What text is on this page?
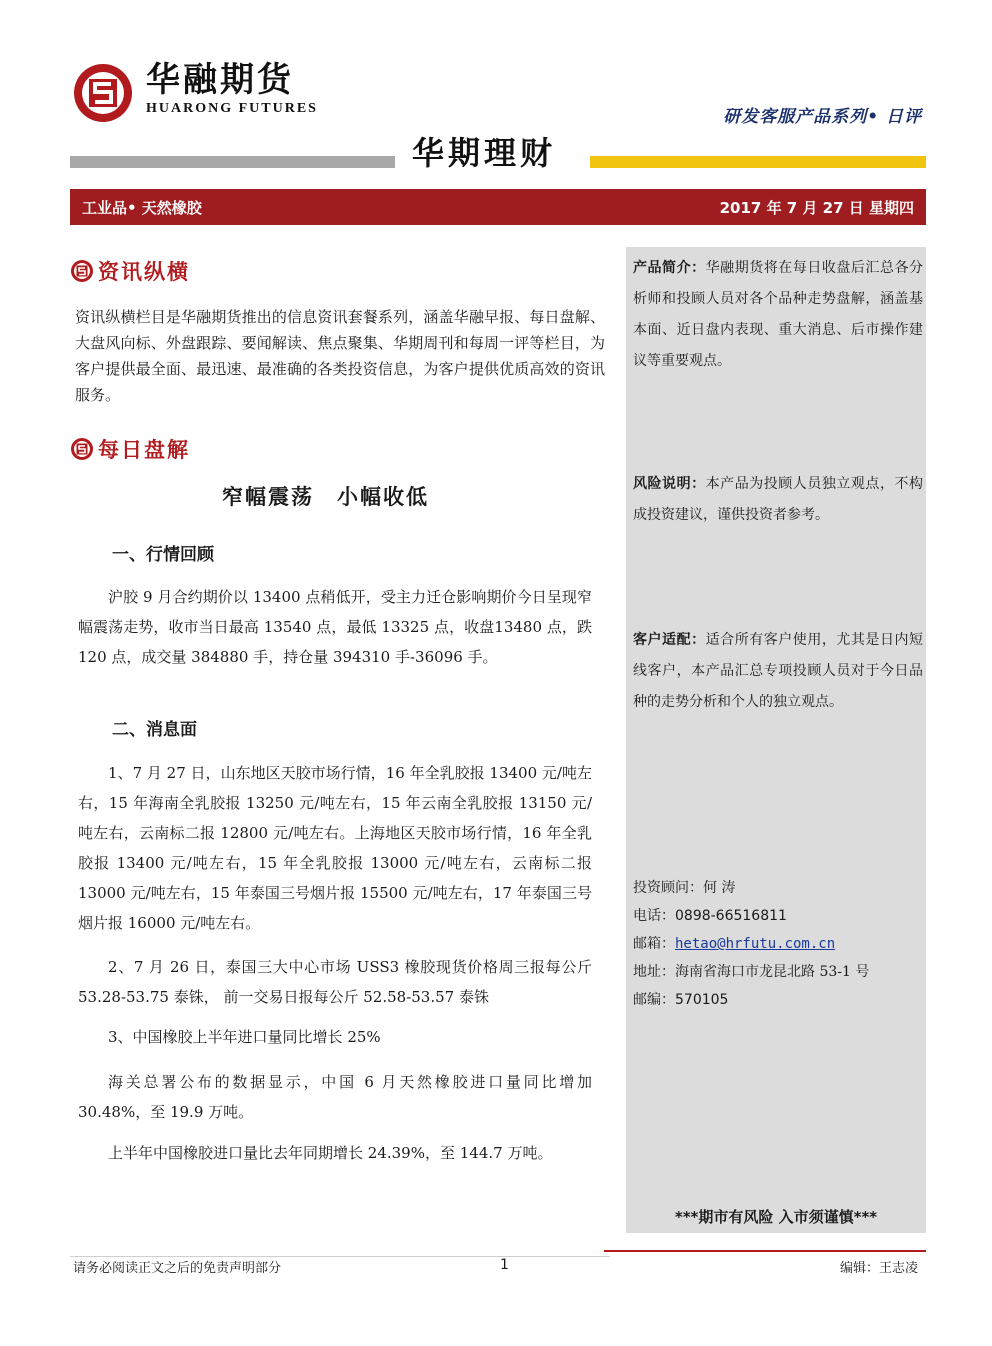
华融期货
HUARONG FUTURES	研发客服产品系列• 日评
华期理财
工业品• 天然橡胶	2017 年 7 月 27 日 星期四
资讯纵横

资讯纵横栏目是华融期货推出的信息资讯套餐系列，涵盖华融早报、每日盘解、大盘风向标、外盘跟踪、要闻解读、焦点聚集、华期周刊和每周一评等栏目，为客户提供最全面、最迅速、最准确的各类投资信息，为客户提供优质高效的资讯服务。

每日盘解
窄幅震荡　小幅收低
一、行情回顾

沪胶 9 月合约期价以 13400 点稍低开，受主力迁仓影响期价今日呈现窄幅震荡走势，收市当日最高 13540 点，最低 13325 点，收盘13480 点，跌 120 点，成交量 384880 手，持仓量 394310 手-36096 手。

二、消息面

1、7 月 27 日，山东地区天胶市场行情，16 年全乳胶报 13400 元/吨左右，15 年海南全乳胶报 13250 元/吨左右，15 年云南全乳胶报 13150 元/吨左右，云南标二报 12800 元/吨左右。上海地区天胶市场行情，16 年全乳胶报 13400 元/吨左右，15 年全乳胶报 13000 元/吨左右，云南标二报 13000 元/吨左右，15 年泰国三号烟片报 15500 元/吨左右，17 年泰国三号烟片报 16000 元/吨左右。

2、7 月 26 日，泰国三大中心市场 USS3 橡胶现货价格周三报每公斤 53.28-53.75 泰铢， 前一交易日报每公斤 52.58-53.57 泰铢

3、中国橡胶上半年进口量同比增长 25%

海关总署公布的数据显示，中国 6 月天然橡胶进口量同比增加 30.48%，至 19.9 万吨。

上半年中国橡胶进口量比去年同期增长 24.39%，至 144.7 万吨。

产品简介：华融期货将在每日收盘后汇总各分析师和投顾人员对各个品种走势盘解，涵盖基本面、近日盘内表现、重大消息、后市操作建议等重要观点。
风险说明：本产品为投顾人员独立观点，不构成投资建议，谨供投资者参考。
客户适配：适合所有客户使用，尤其是日内短线客户，本产品汇总专项投顾人员对于今日品种的走势分析和个人的独立观点。
投资顾问：何 涛
电话：0898-66516811
邮箱：hetao@hrfutu.com.cn
地址：海南省海口市龙昆北路 53-1 号
邮编：570105
***期市有风险 入市须谨慎***
请务必阅读正文之后的免责声明部分	1	编辑：王志凌
